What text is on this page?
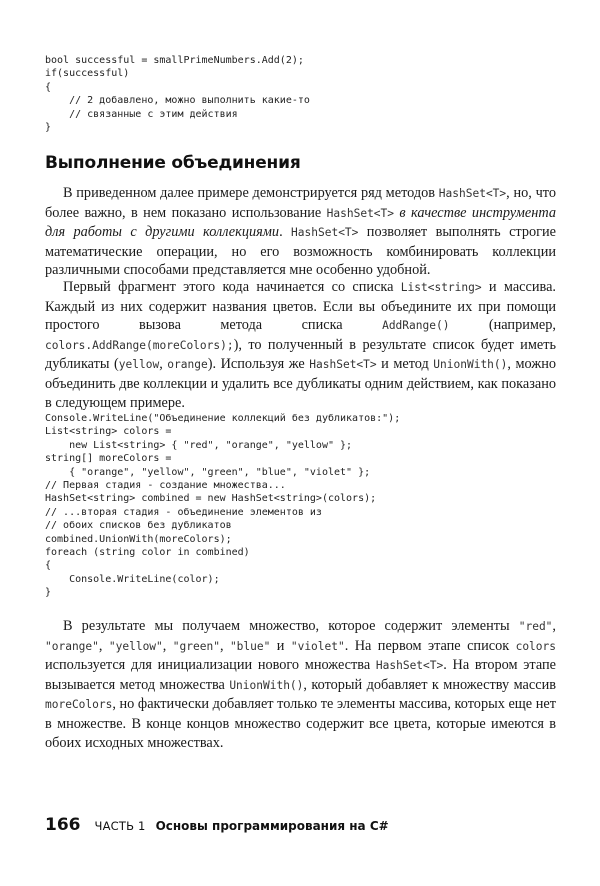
bool successful = smallPrimeNumbers.Add(2);
if(successful)
{
// 2 добавлено, можно выполнить какие-то
// связанные с этим действия
}
Выполнение объединения

В приведенном далее примере демонстрируется ряд методов HashSet<T>, но, что более важно, в нем показано использование HashSet<T> в качестве инструмента для работы с другими коллекциями. HashSet<T> позволяет выполнять строгие математические операции, но его возможность комбинировать коллекции различными способами представляется мне особенно удобной.

Первый фрагмент этого кода начинается со списка List<string> и массива. Каждый из них содержит названия цветов. Если вы объедините их при помощи простого вызова метода списка AddRange() (например, colors.AddRange(moreColors);), то полученный в результате список будет иметь дубликаты (yellow, orange). Используя же HashSet<T> и метод UnionWith(), можно объединить две коллекции и удалить все дубликаты одним действием, как показано в следующем примере.

Console.WriteLine("Объединение коллекций без дубликатов:");
List<string> colors =
new List<string> { "red", "orange", "yellow" };
string[] moreColors =
{ "orange", "yellow", "green", "blue", "violet" };
// Первая стадия - создание множества...
HashSet<string> combined = new HashSet<string>(colors);
// ...вторая стадия - объединение элементов из
// обоих списков без дубликатов
combined.UnionWith(moreColors);
foreach (string color in combined)
{
Console.WriteLine(color);
}

В результате мы получаем множество, которое содержит элементы "red", "orange", "yellow", "green", "blue" и "violet". На первом этапе список colors используется для инициализации нового множества HashSet<T>. На втором этапе вызывается метод множества UnionWith(), который добавляет к множеству массив moreColors, но фактически добавляет только те элементы массива, которых еще нет в множестве. В конце концов множество содержит все цвета, которые имеются в обоих исходных множествах.

166 ЧАСТЬ 1 Основы программирования на C#
